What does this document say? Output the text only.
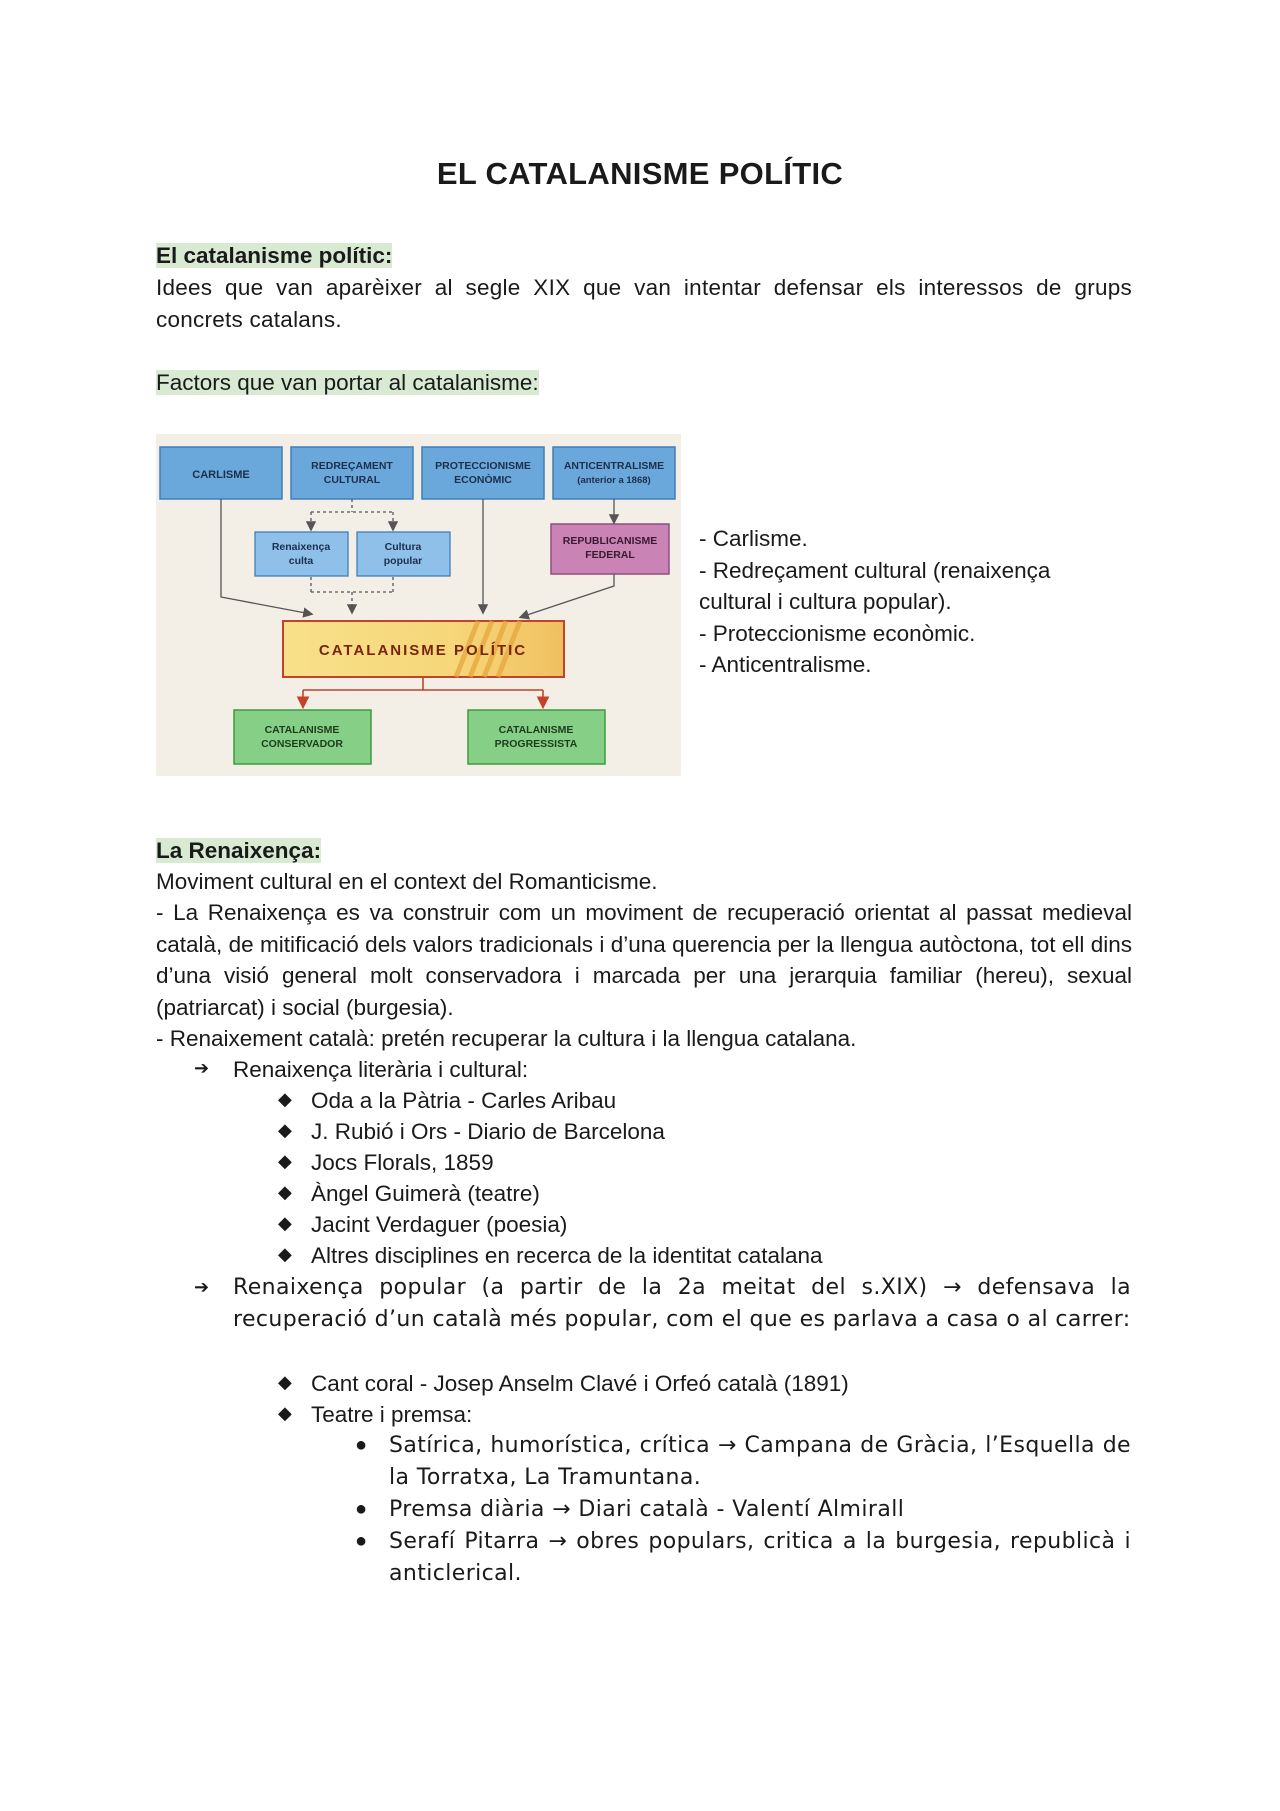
EL CATALANISME POLÍTIC
El catalanisme polític:
Idees que van aparèixer al segle XIX que van intentar defensar els interessos de grups concrets catalans.
Factors que van portar al catalanisme:
CARLISME
REDREÇAMENT
CULTURAL
PROTECCIONISME
ECONÒMIC
ANTICENTRALISME
(anterior a 1868)
Renaixença
culta
Cultura
popular
REPUBLICANISME
FEDERAL
CATALANISME POLÍTIC
CATALANISME
CONSERVADOR
CATALANISME
PROGRESSISTA
- Carlisme.
- Redreçament cultural (renaixença
cultural i cultura popular).
- Proteccionisme econòmic.
- Anticentralisme.
La Renaixença:
Moviment cultural en el context del Romanticisme.
- La Renaixença es va construir com un moviment de recuperació orientat al passat medieval català, de mitificació dels valors tradicionals i d’una querencia per la llengua autòctona, tot ell dins d’una visió general molt conservadora i marcada per una jerarquia familiar (hereu), sexual (patriarcat) i social (burgesia).
- Renaixement català: pretén recuperar la cultura i la llengua catalana.
➔ Renaixença literària i cultural:
◆ Oda a la Pàtria - Carles Aribau
◆ J. Rubió i Ors - Diario de Barcelona
◆ Jocs Florals, 1859
◆ Àngel Guimerà (teatre)
◆ Jacint Verdaguer (poesia)
◆ Altres disciplines en recerca de la identitat catalana
➔ Renaixença popular (a partir de la 2a meitat del s.XIX) → defensava la recuperació d’un català més popular, com el que es parlava a casa o al carrer:
◆ Cant coral - Josep Anselm Clavé i Orfeó català (1891)
◆ Teatre i premsa:
● Satírica, humorística, crítica → Campana de Gràcia, l’Esquella de la Torratxa, La Tramuntana.
● Premsa diària → Diari català - Valentí Almirall
● Serafí Pitarra → obres populars, critica a la burgesia, republicà i anticlerical.
